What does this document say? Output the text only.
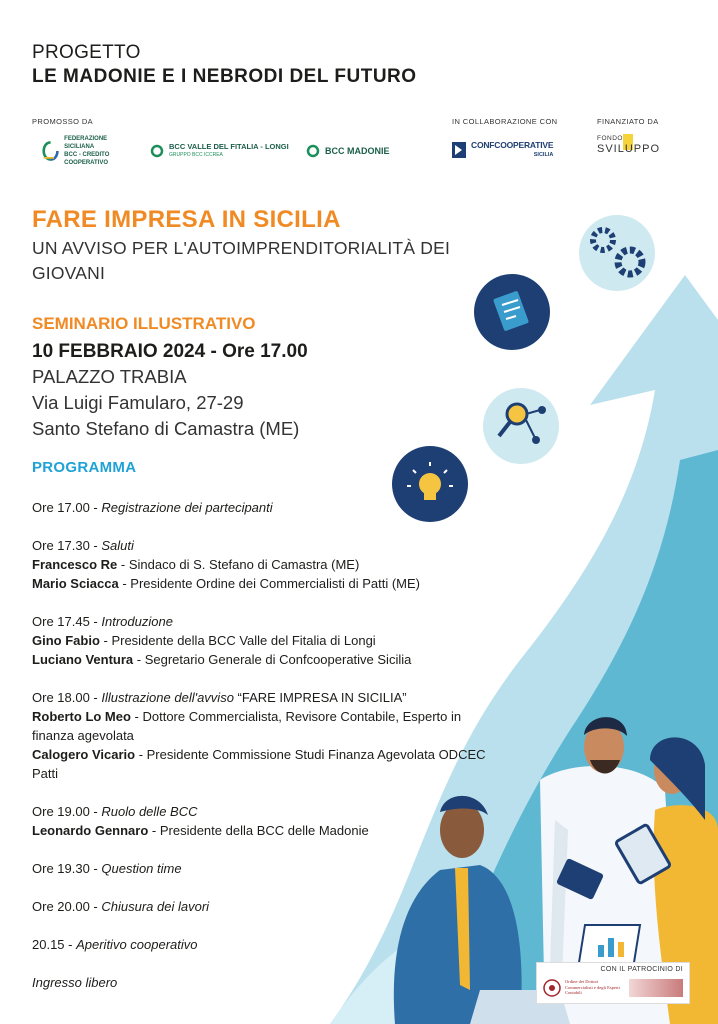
PROGETTO
LE MADONIE E I NEBRODI DEL FUTURO
PROMOSSO DA	IN COLLABORAZIONE CON	FINANZIATO DA
FEDERAZIONE
SICILIANA
BCC - CREDITO COOPERATIVO
BCC VALLE DEL FITALIA - LONGI
GRUPPO BCC ICCREA	BCC MADONIE
CONFCOOPERATIVE
SICILIA
FONDO
SVILUPPO
FARE IMPRESA IN SICILIA
UN AVVISO PER L'AUTOIMPRENDITORIALITÀ DEI GIOVANI
SEMINARIO ILLUSTRATIVO
10 FEBBRAIO 2024 - Ore 17.00
PALAZZO TRABIA
Via Luigi Famularo, 27-29
Santo Stefano di Camastra (ME)
PROGRAMMA
Ore 17.00 - Registrazione dei partecipanti
Ore 17.30 - Saluti
Francesco Re - Sindaco di S. Stefano di Camastra (ME)
Mario Sciacca - Presidente Ordine dei Commercialisti di Patti (ME)
Ore 17.45 - Introduzione
Gino Fabio - Presidente della BCC Valle del Fitalia di Longi
Luciano Ventura - Segretario Generale di Confcooperative Sicilia
Ore 18.00 - Illustrazione dell'avviso “FARE IMPRESA IN SICILIA”
Roberto Lo Meo - Dottore Commercialista, Revisore Contabile, Esperto in finanza agevolata
Calogero Vicario - Presidente Commissione Studi Finanza Agevolata ODCEC Patti
Ore 19.00 - Ruolo delle BCC
Leonardo Gennaro - Presidente della BCC delle Madonie
Ore 19.30 - Question time
Ore 20.00 - Chiusura dei lavori
20.15 - Aperitivo cooperativo
Ingresso libero
CON IL PATROCINIO DI
Ordine dei Dottori Commercialisti e degli Esperti Contabili
